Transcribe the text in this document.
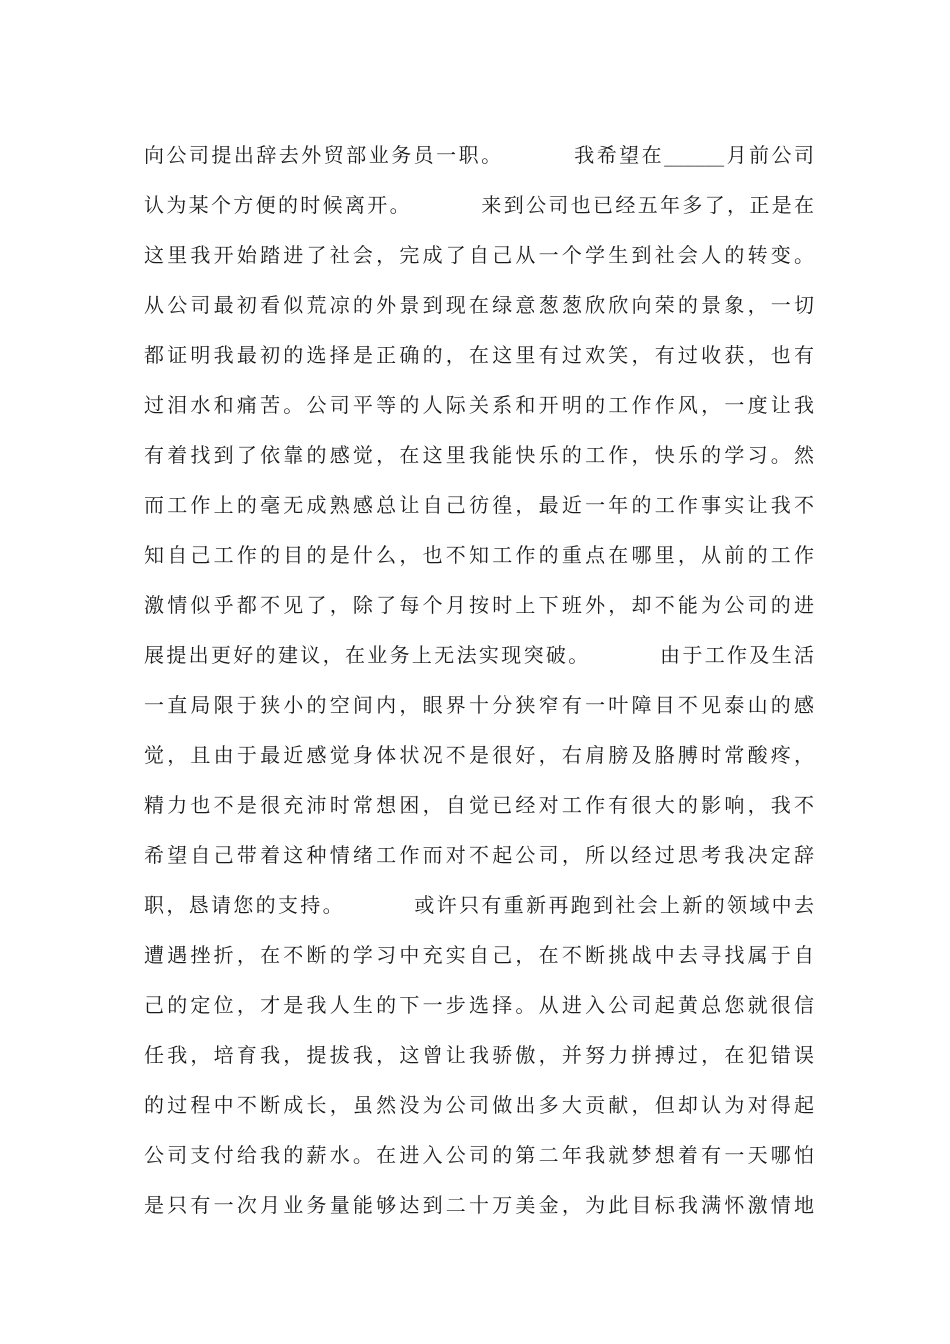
向公司提出辞去外贸部业务员一职。        我希望在______月前公司
认为某个方便的时候离开。        来到公司也已经五年多了，正是在
这里我开始踏进了社会，完成了自己从一个学生到社会人的转变。
从公司最初看似荒凉的外景到现在绿意葱葱欣欣向荣的景象，一切
都证明我最初的选择是正确的，在这里有过欢笑，有过收获，也有
过泪水和痛苦。公司平等的人际关系和开明的工作作风，一度让我
有着找到了依靠的感觉，在这里我能快乐的工作，快乐的学习。然
而工作上的毫无成熟感总让自己彷徨，最近一年的工作事实让我不
知自己工作的目的是什么，也不知工作的重点在哪里，从前的工作
激情似乎都不见了，除了每个月按时上下班外，却不能为公司的进
展提出更好的建议，在业务上无法实现突破。        由于工作及生活
一直局限于狭小的空间内，眼界十分狭窄有一叶障目不见泰山的感
觉，且由于最近感觉身体状况不是很好，右肩膀及胳膊时常酸疼，
精力也不是很充沛时常想困，自觉已经对工作有很大的影响，我不
希望自己带着这种情绪工作而对不起公司，所以经过思考我决定辞
职，恳请您的支持。        或许只有重新再跑到社会上新的领域中去
遭遇挫折，在不断的学习中充实自己，在不断挑战中去寻找属于自
己的定位，才是我人生的下一步选择。从进入公司起黄总您就很信
任我，培育我，提拔我，这曾让我骄傲，并努力拼搏过，在犯错误
的过程中不断成长，虽然没为公司做出多大贡献，但却认为对得起
公司支付给我的薪水。在进入公司的第二年我就梦想着有一天哪怕
是只有一次月业务量能够达到二十万美金，为此目标我满怀激情地
